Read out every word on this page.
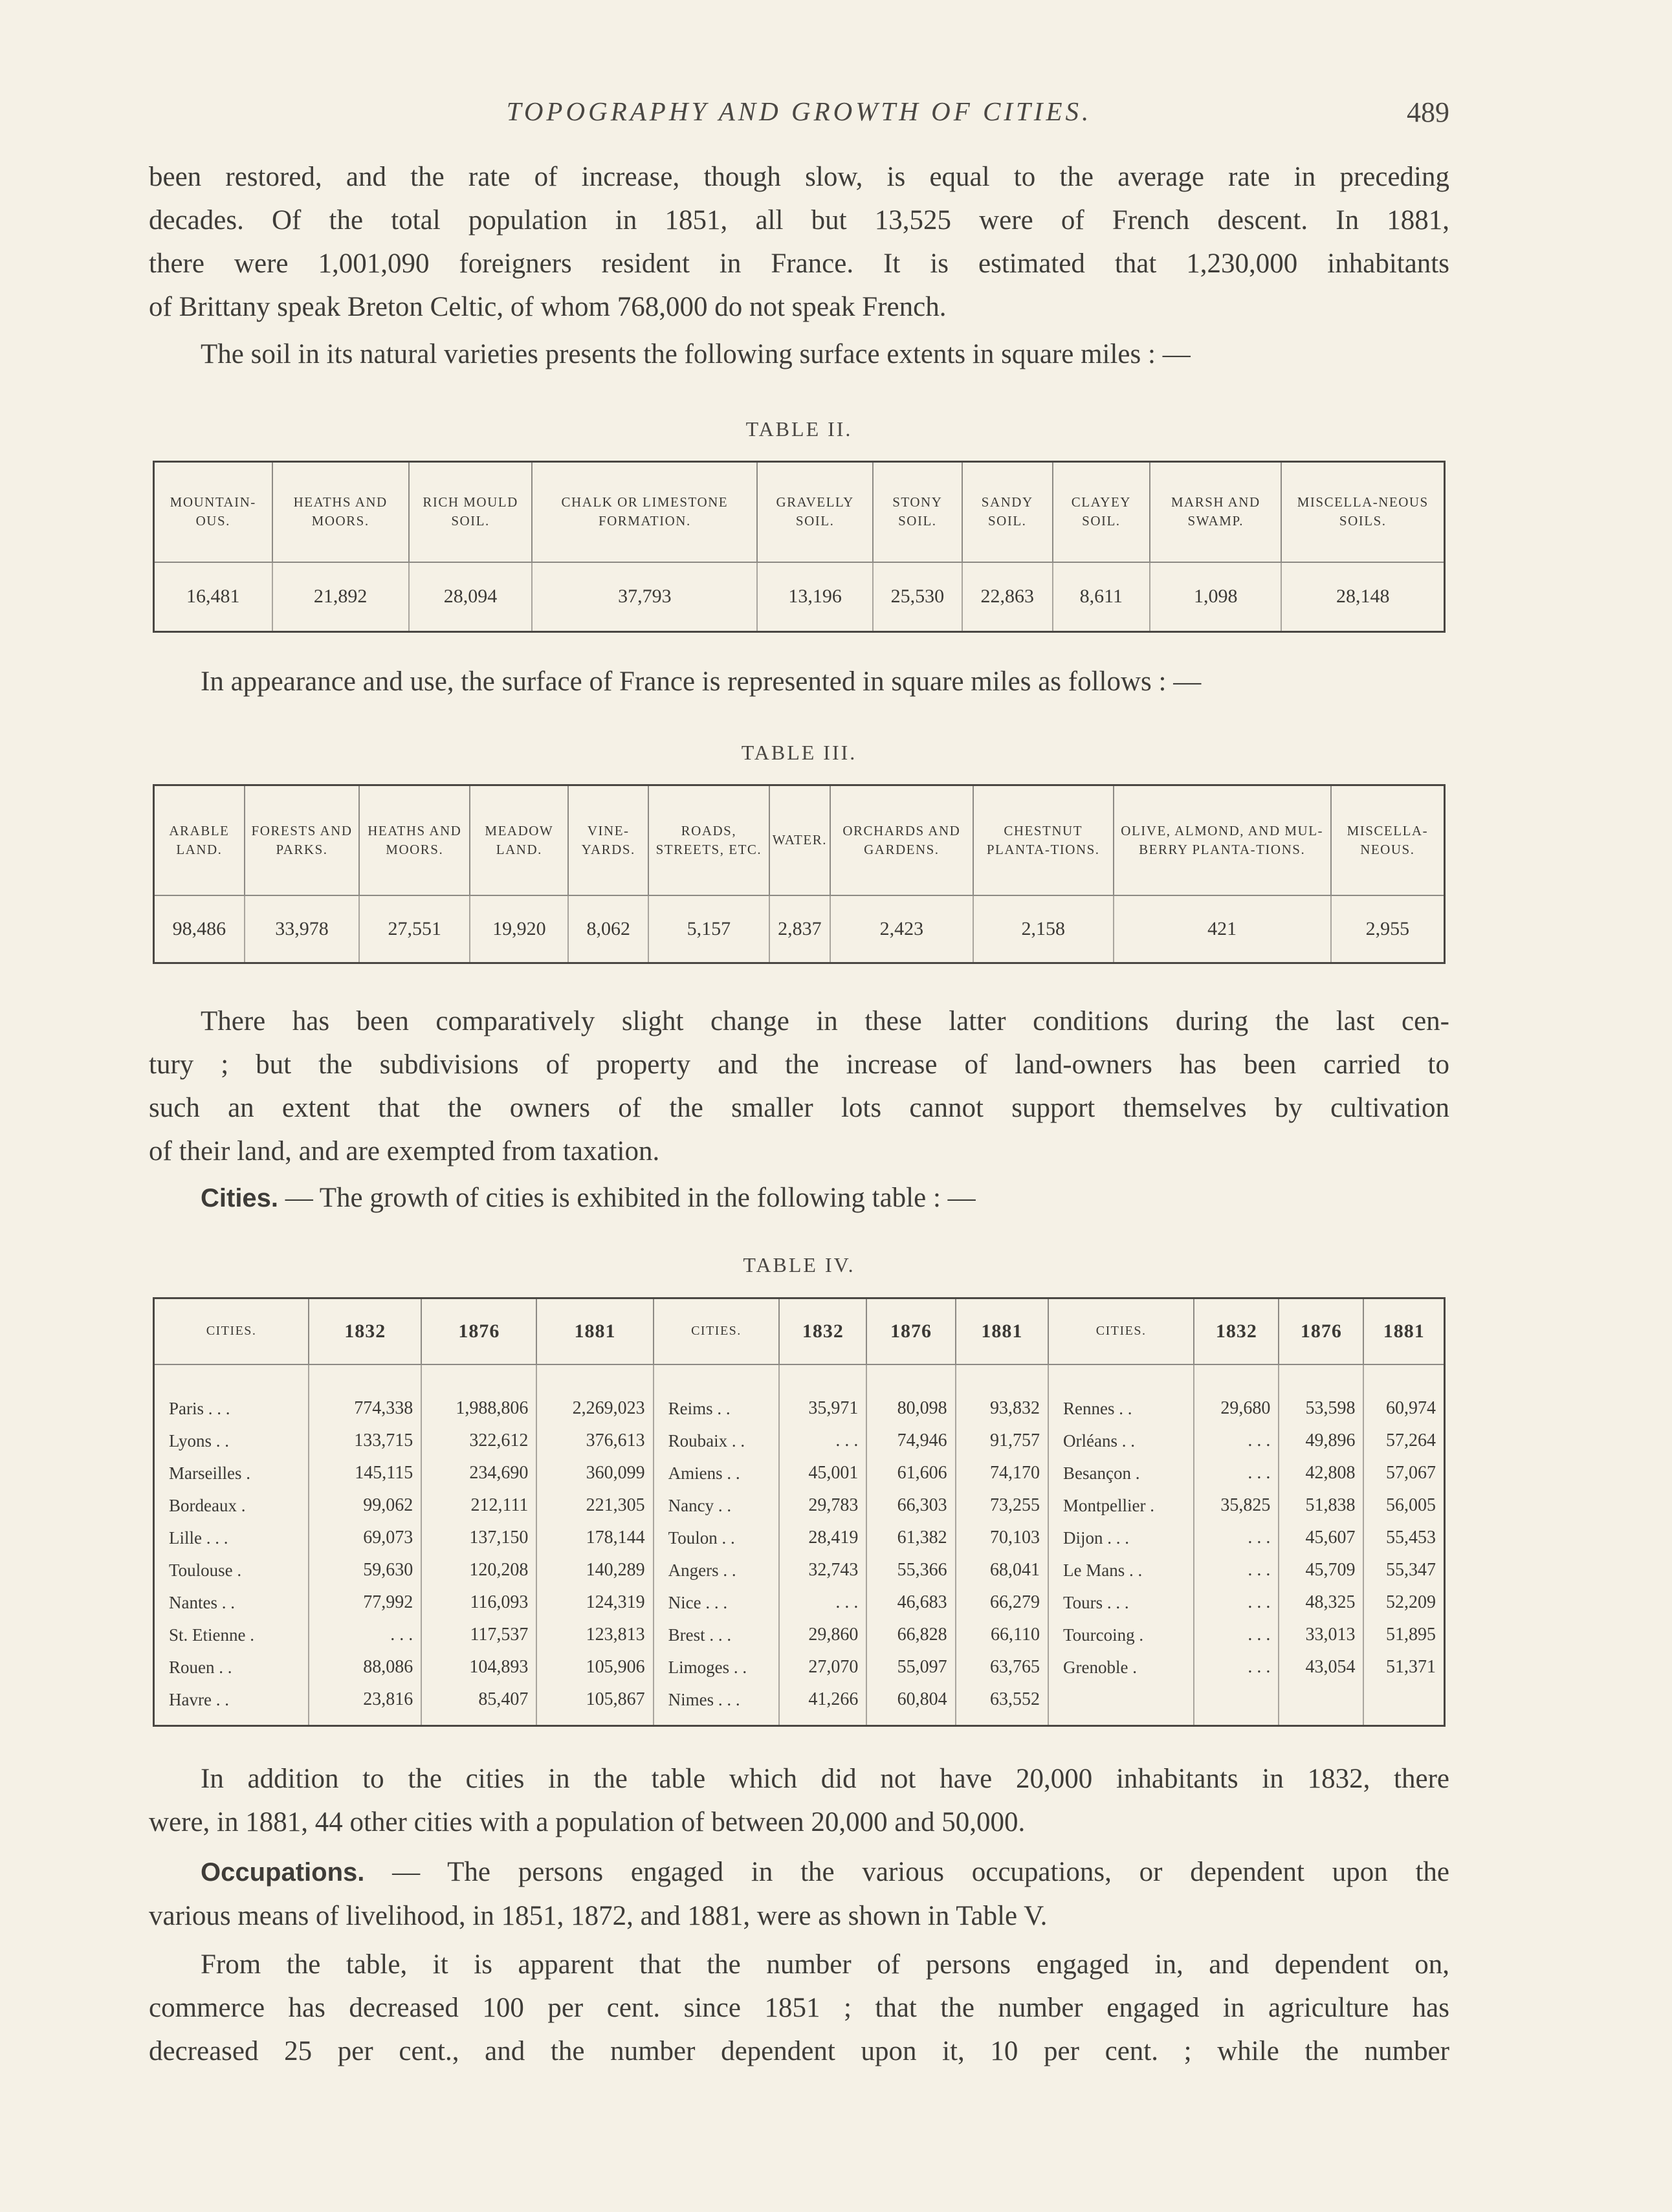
TOPOGRAPHY AND GROWTH OF CITIES.	489
been restored, and the rate of increase, though slow, is equal to the average rate in preceding
decades. Of the total population in 1851, all but 13,525 were of French descent. In 1881,
there were 1,001,090 foreigners resident in France. It is estimated that 1,230,000 inhabitants
of Brittany speak Breton Celtic, of whom 768,000 do not speak French.
The soil in its natural varieties presents the following surface extents in square miles : —
TABLE II.
MOUNTAIN-OUS.	HEATHS AND MOORS.	RICH MOULD SOIL.	CHALK OR LIMESTONE FORMATION.	GRAVELLY SOIL.	STONY SOIL.	SANDY SOIL.	CLAYEY SOIL.	MARSH AND SWAMP.	MISCELLA-NEOUS SOILS.
16,481	21,892	28,094	37,793	13,196	25,530	22,863	8,611	1,098	28,148
In appearance and use, the surface of France is represented in square miles as follows : —
TABLE III.
ARABLE LAND.	FORESTS AND PARKS.	HEATHS AND MOORS.	MEADOW LAND.	VINE-YARDS.	ROADS, STREETS, ETC.	WATER.	ORCHARDS AND GARDENS.	CHESTNUT PLANTA-TIONS.	OLIVE, ALMOND, AND MUL-BERRY PLANTA-TIONS.	MISCELLA-NEOUS.
98,486	33,978	27,551	19,920	8,062	5,157	2,837	2,423	2,158	421	2,955
There has been comparatively slight change in these latter conditions during the last cen-
tury ; but the subdivisions of property and the increase of land-owners has been carried to
such an extent that the owners of the smaller lots cannot support themselves by cultivation
of their land, and are exempted from taxation.
Cities. — The growth of cities is exhibited in the following table : —
TABLE IV.
CITIES.	1832	1876	1881	CITIES.	1832	1876	1881	CITIES.	1832	1876	1881

Paris . . .	774,338	1,988,806	2,269,023	Reims . .	35,971	80,098	93,832	Rennes . .	29,680	53,598	60,974
Lyons . .	133,715	322,612	376,613	Roubaix . .	. . .	74,946	91,757	Orléans . .	. . .	49,896	57,264
Marseilles .	145,115	234,690	360,099	Amiens . .	45,001	61,606	74,170	Besançon .	. . .	42,808	57,067
Bordeaux .	99,062	212,111	221,305	Nancy . .	29,783	66,303	73,255	Montpellier .	35,825	51,838	56,005
Lille . . .	69,073	137,150	178,144	Toulon . .	28,419	61,382	70,103	Dijon . . .	. . .	45,607	55,453
Toulouse .	59,630	120,208	140,289	Angers . .	32,743	55,366	68,041	Le Mans . .	. . .	45,709	55,347
Nantes . .	77,992	116,093	124,319	Nice . . .	. . .	46,683	66,279	Tours . . .	. . .	48,325	52,209
St. Etienne .	. . .	117,537	123,813	Brest . . .	29,860	66,828	66,110	Tourcoing .	. . .	33,013	51,895
Rouen . .	88,086	104,893	105,906	Limoges . .	27,070	55,097	63,765	Grenoble .	. . .	43,054	51,371
Havre . .	23,816	85,407	105,867	Nimes . . .	41,266	60,804	63,552				

In addition to the cities in the table which did not have 20,000 inhabitants in 1832, there
were, in 1881, 44 other cities with a population of between 20,000 and 50,000.
Occupations. — The persons engaged in the various occupations, or dependent upon the
various means of livelihood, in 1851, 1872, and 1881, were as shown in Table V.
From the table, it is apparent that the number of persons engaged in, and dependent on,
commerce has decreased 100 per cent. since 1851 ; that the number engaged in agriculture has
decreased 25 per cent., and the number dependent upon it, 10 per cent. ; while the number
